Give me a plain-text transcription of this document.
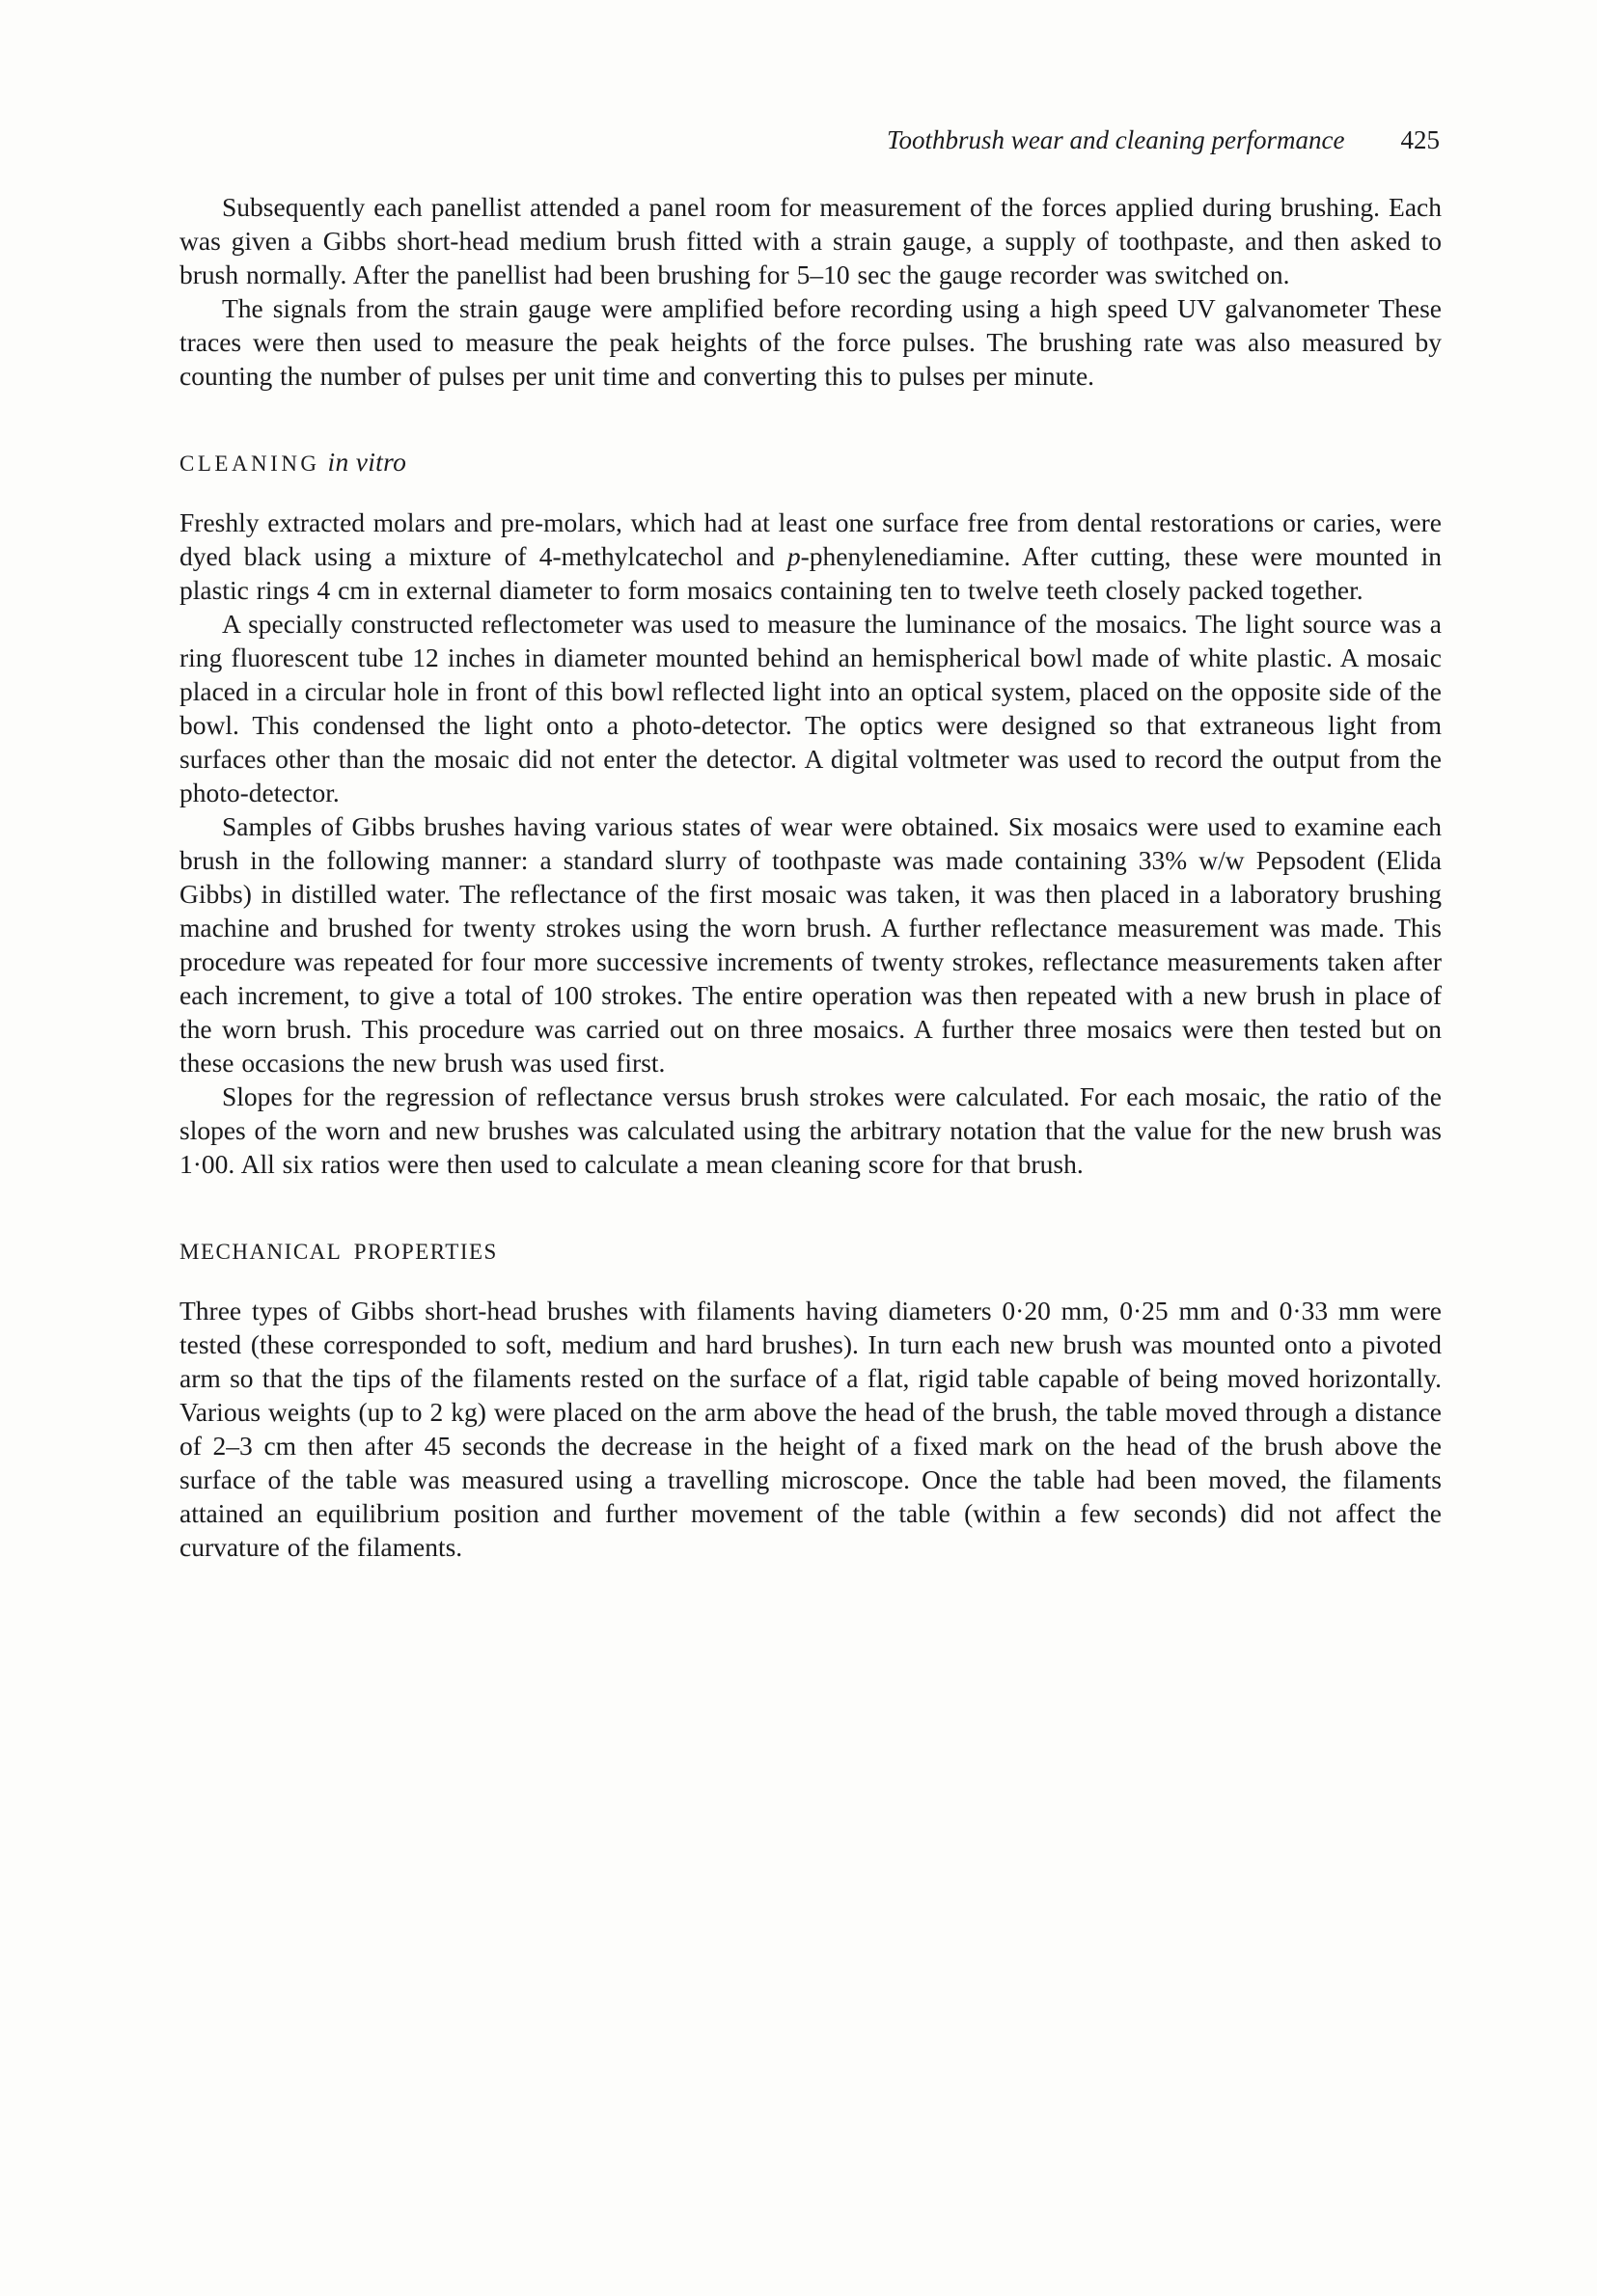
Toothbrush wear and cleaning performance 425

Subsequently each panellist attended a panel room for measurement of the forces applied during brushing. Each was given a Gibbs short-head medium brush fitted with a strain gauge, a supply of toothpaste, and then asked to brush normally. After the panellist had been brushing for 5–10 sec the gauge recorder was switched on.

The signals from the strain gauge were amplified before recording using a high speed UV galvanometer These traces were then used to measure the peak heights of the force pulses. The brushing rate was also measured by counting the number of pulses per unit time and converting this to pulses per minute.

CLEANING in vitro

Freshly extracted molars and pre-molars, which had at least one surface free from dental restorations or caries, were dyed black using a mixture of 4-methylcatechol and p-phenylenediamine. After cutting, these were mounted in plastic rings 4 cm in external diameter to form mosaics containing ten to twelve teeth closely packed together.

A specially constructed reflectometer was used to measure the luminance of the mosaics. The light source was a ring fluorescent tube 12 inches in diameter mounted behind an hemispherical bowl made of white plastic. A mosaic placed in a circular hole in front of this bowl reflected light into an optical system, placed on the opposite side of the bowl. This condensed the light onto a photo-detector. The optics were designed so that extraneous light from surfaces other than the mosaic did not enter the detector. A digital voltmeter was used to record the output from the photo-detector.

Samples of Gibbs brushes having various states of wear were obtained. Six mosaics were used to examine each brush in the following manner: a standard slurry of toothpaste was made containing 33% w/w Pepsodent (Elida Gibbs) in distilled water. The reflectance of the first mosaic was taken, it was then placed in a laboratory brushing machine and brushed for twenty strokes using the worn brush. A further reflectance measurement was made. This procedure was repeated for four more successive increments of twenty strokes, reflectance measurements taken after each increment, to give a total of 100 strokes. The entire operation was then repeated with a new brush in place of the worn brush. This procedure was carried out on three mosaics. A further three mosaics were then tested but on these occasions the new brush was used first.

Slopes for the regression of reflectance versus brush strokes were calculated. For each mosaic, the ratio of the slopes of the worn and new brushes was calculated using the arbitrary notation that the value for the new brush was 1·00. All six ratios were then used to calculate a mean cleaning score for that brush.

MECHANICAL PROPERTIES

Three types of Gibbs short-head brushes with filaments having diameters 0·20 mm, 0·25 mm and 0·33 mm were tested (these corresponded to soft, medium and hard brushes). In turn each new brush was mounted onto a pivoted arm so that the tips of the filaments rested on the surface of a flat, rigid table capable of being moved horizontally. Various weights (up to 2 kg) were placed on the arm above the head of the brush, the table moved through a distance of 2–3 cm then after 45 seconds the decrease in the height of a fixed mark on the head of the brush above the surface of the table was measured using a travelling microscope. Once the table had been moved, the filaments attained an equilibrium position and further movement of the table (within a few seconds) did not affect the curvature of the filaments.
